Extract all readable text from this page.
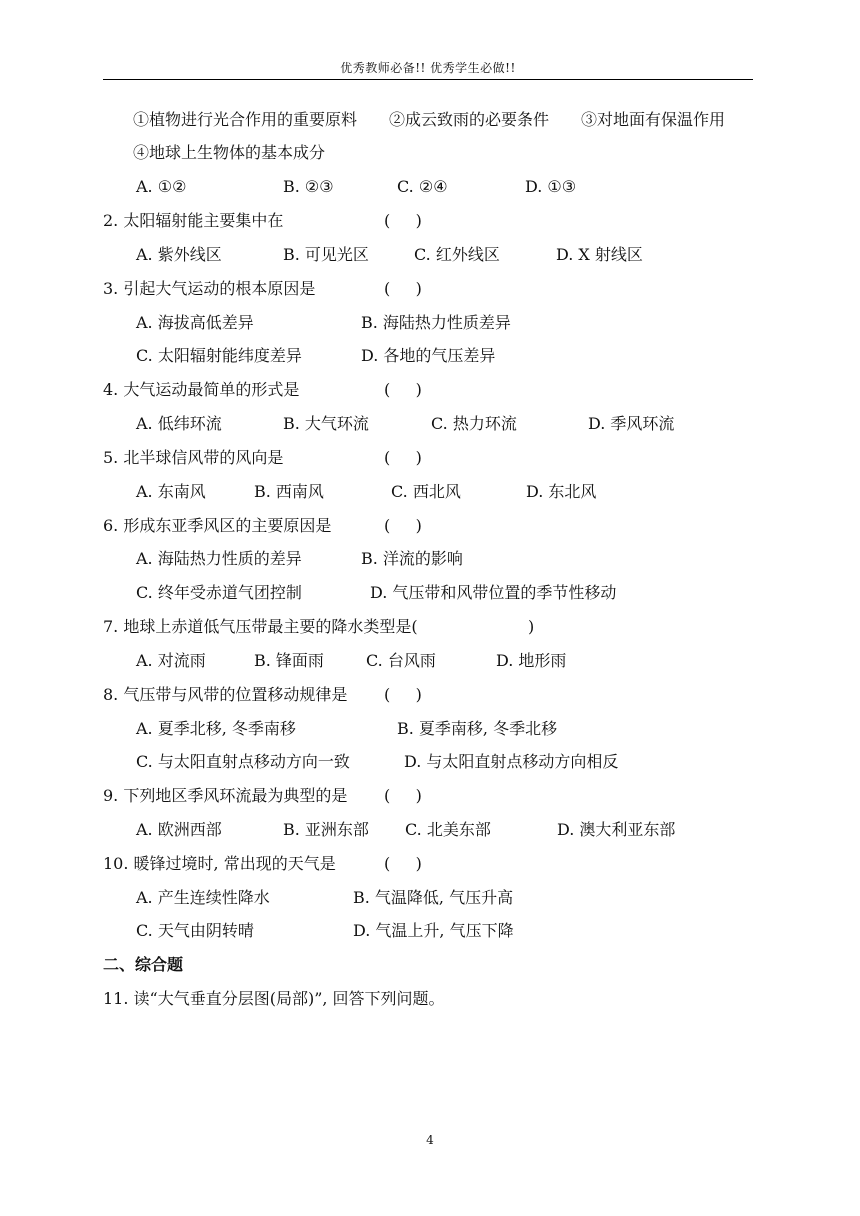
优秀教师必备!! 优秀学生必做!!
①植物进行光合作用的重要原料 ②成云致雨的必要条件 ③对地面有保温作用
④地球上生物体的基本成分
A. ①②	B. ②③	C. ②④	D. ①③
2. 太阳辐射能主要集中在	(     )
A. 紫外线区	B. 可见光区	C. 红外线区	D. X 射线区
3. 引起大气运动的根本原因是	(     )
A. 海拔高低差异	B. 海陆热力性质差异
C. 太阳辐射能纬度差异	D. 各地的气压差异
4. 大气运动最简单的形式是	(     )
A. 低纬环流	B. 大气环流	C. 热力环流	D. 季风环流
5. 北半球信风带的风向是	(     )
A. 东南风	B. 西南风	C. 西北风	D. 东北风
6. 形成东亚季风区的主要原因是	(     )
A. 海陆热力性质的差异	B. 洋流的影响
C. 终年受赤道气团控制	D. 气压带和风带位置的季节性移动
7. 地球上赤道低气压带最主要的降水类型是(	)
A. 对流雨	B. 锋面雨	C. 台风雨	D. 地形雨
8. 气压带与风带的位置移动规律是 (     )
A. 夏季北移, 冬季南移	B. 夏季南移, 冬季北移
C. 与太阳直射点移动方向一致	D. 与太阳直射点移动方向相反
9. 下列地区季风环流最为典型的是 (     )
A. 欧洲西部	B. 亚洲东部 C. 北美东部	D. 澳大利亚东部
10. 暖锋过境时, 常出现的天气是	(     )
A. 产生连续性降水	B. 气温降低, 气压升高
C. 天气由阴转晴	D. 气温上升, 气压下降
二、综合题
11. 读“大气垂直分层图(局部)”, 回答下列问题。
4
